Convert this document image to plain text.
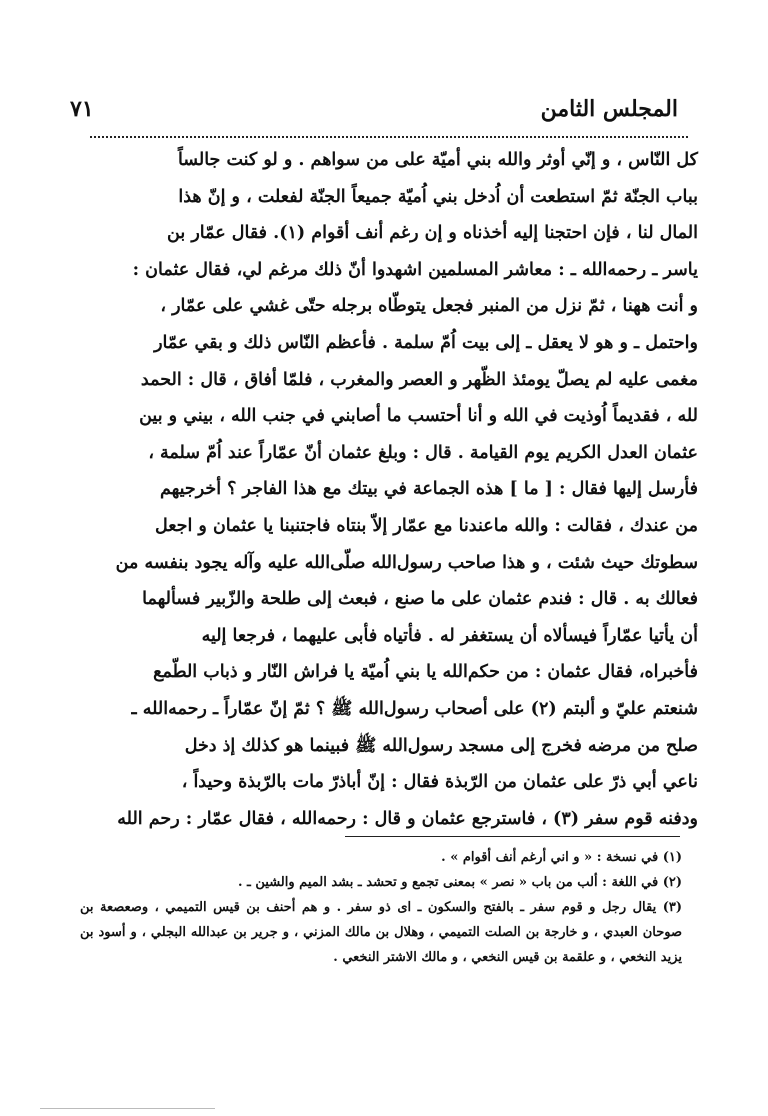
المجلس الثامن
٧١

كل النّاس ، و إنّي أوثر والله بني أميّة على من سواهم . و لو كنت جالساً

بباب الجنّة ثمّ استطعت أن اُدخل بني اُميّة جميعاً الجنّة لفعلت ، و إنّ هذا

المال لنا ، فإن احتجنا إليه أخذناه و إن رغم أنف أقوام (١). فقال عمّار بن

ياسر ـ رحمه‌الله ـ : معاشر المسلمين اشهدوا أنّ ذلك مرغم لي، فقال عثمان :

و أنت ههنا ، ثمّ نزل من المنبر فجعل يتوطّاه برجله حتّى غشي على عمّار ،

واحتمل ـ و هو لا يعقل ـ إلى بيت اُمّ سلمة . فأعظم النّاس ذلك و بقي عمّار

مغمى عليه لم يصلّ يومئذ الظّهر و العصر والمغرب ، فلمّا أفاق ، قال : الحمد

لله ، فقديماً اُوذيت في الله و أنا أحتسب ما أصابني في جنب الله ، بيني و بين

عثمان العدل الكريم يوم القيامة . قال : وبلغ عثمان أنّ عمّاراً عند اُمّ سلمة ،

فأرسل إليها فقال : [ ما ] هذه الجماعة في بيتك مع هذا الفاجر ؟ أخرجيهم

من عندك ، فقالت : والله ماعندنا مع عمّار إلاّ بنتاه فاجتنبنا يا عثمان و اجعل

سطوتك حيث شئت ، و هذا صاحب رسول‌الله صلّى‌الله عليه وآله يجود بنفسه من

فعالك به . قال : فندم عثمان على ما صنع ، فبعث إلى طلحة والزّبير فسألهما

أن يأتيا عمّاراً فيسألاه أن يستغفر له . فأتياه فأبى عليهما ، فرجعا إليه

فأخبراه، فقال عثمان : من حكم‌الله يا بني اُميّة يا فراش النّار و ذباب الطّمع

شنعتم عليّ و ألبتم (٢) على أصحاب رسول‌الله ﷺ ؟ ثمّ إنّ عمّاراً ـ رحمه‌الله ـ

صلح من مرضه فخرج إلى مسجد رسول‌الله ﷺ فبينما هو كذلك إذ دخل

ناعي أبي ذرّ على عثمان من الرّبذة فقال : إنّ أباذرّ مات بالرّبذة وحيداً ،

ودفنه قوم سفر (٣) ، فاسترجع عثمان و قال : رحمه‌الله ، فقال عمّار : رحم الله

(١) في نسخة : « و اني أرغم أنف أقوام » .

(٢) في اللغة : ألب من باب « نصر » بمعنى تجمع و تحشد ـ بشد الميم والشين ـ .

(٣) يقال رجل و قوم سفر ـ بالفتح والسكون ـ اى ذو سفر . و هم أحنف بن قيس التميمي ، وصعصعة بن صوحان العبدي ، و خارجة بن الصلت التميمي ، وهلال بن مالك المزني ، و جرير بن عبدالله البجلي ، و أسود بن يزيد النخعي ، و علقمة بن قيس النخعي ، و مالك الاشتر النخعي .
